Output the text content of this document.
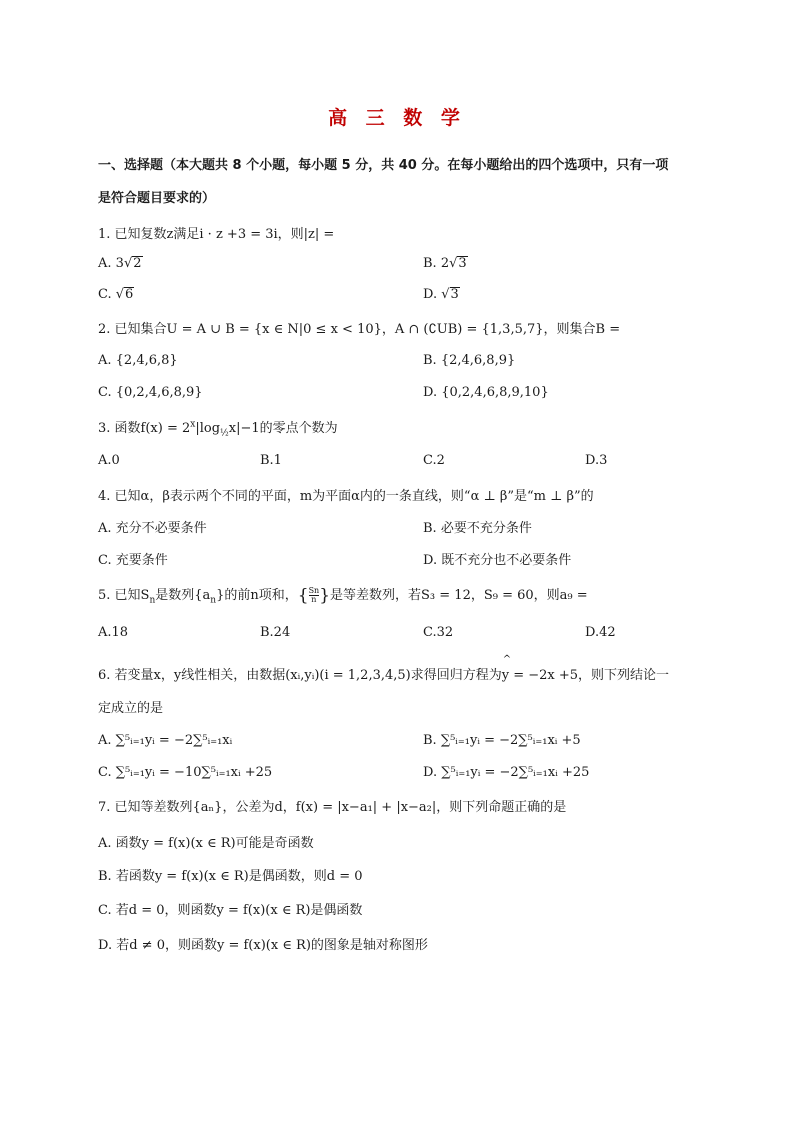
高 三 数 学
一、选择题（本大题共 8 个小题，每小题 5 分，共 40 分。在每小题给出的四个选项中，只有一项
是符合题目要求的）
1. 已知复数z满足i · z +3 = 3i，则|z| =
A. 3√2	B. 2√3
C. √6	D. √3
2. 已知集合U = A ∪ B = {x ∈ N|0 ≤ x < 10}，A ∩ (∁UB) = {1,3,5,7}，则集合B =
A. {2,4,6,8}	B. {2,4,6,8,9}
C. {0,2,4,6,8,9}	D. {0,2,4,6,8,9,10}
3. 函数$f(x) = 2^x|\log_{\frac{1}{2}}x|-1$的零点个数为
A.0	B.1	C.2	D.3
4. 已知α，β表示两个不同的平面，m为平面α内的一条直线，则“α ⊥ β”是“m ⊥ β”的
A. 充分不必要条件	B. 必要不充分条件
C. 充要条件	D. 既不充分也不必要条件
5. 已知$S_n$是数列$\{a_n\}$的前n项和，{ $\frac{Sn}{n}$ }是等差数列，若S₃ = 12，S₉ = 60，则a₉ =
A.18	B.24	C.32	D.42
6. 若变量x，y线性相关，由数据(xᵢ,yᵢ)(i = 1,2,3,4,5)求得回归方程为^ y = −2x +5，则下列结论一
定成立的是
A. ∑⁵ᵢ₌₁yᵢ = −2∑⁵ᵢ₌₁xᵢ	B. ∑⁵ᵢ₌₁yᵢ = −2∑⁵ᵢ₌₁xᵢ +5
C. ∑⁵ᵢ₌₁yᵢ = −10∑⁵ᵢ₌₁xᵢ +25	D. ∑⁵ᵢ₌₁yᵢ = −2∑⁵ᵢ₌₁xᵢ +25
7. 已知等差数列{aₙ}，公差为d，f(x) = |x−a₁| + |x−a₂|，则下列命题正确的是
A. 函数y = f(x)(x ∈ R)可能是奇函数
B. 若函数y = f(x)(x ∈ R)是偶函数，则d = 0
C. 若d = 0，则函数y = f(x)(x ∈ R)是偶函数
D. 若d ≠ 0，则函数y = f(x)(x ∈ R)的图象是轴对称图形
